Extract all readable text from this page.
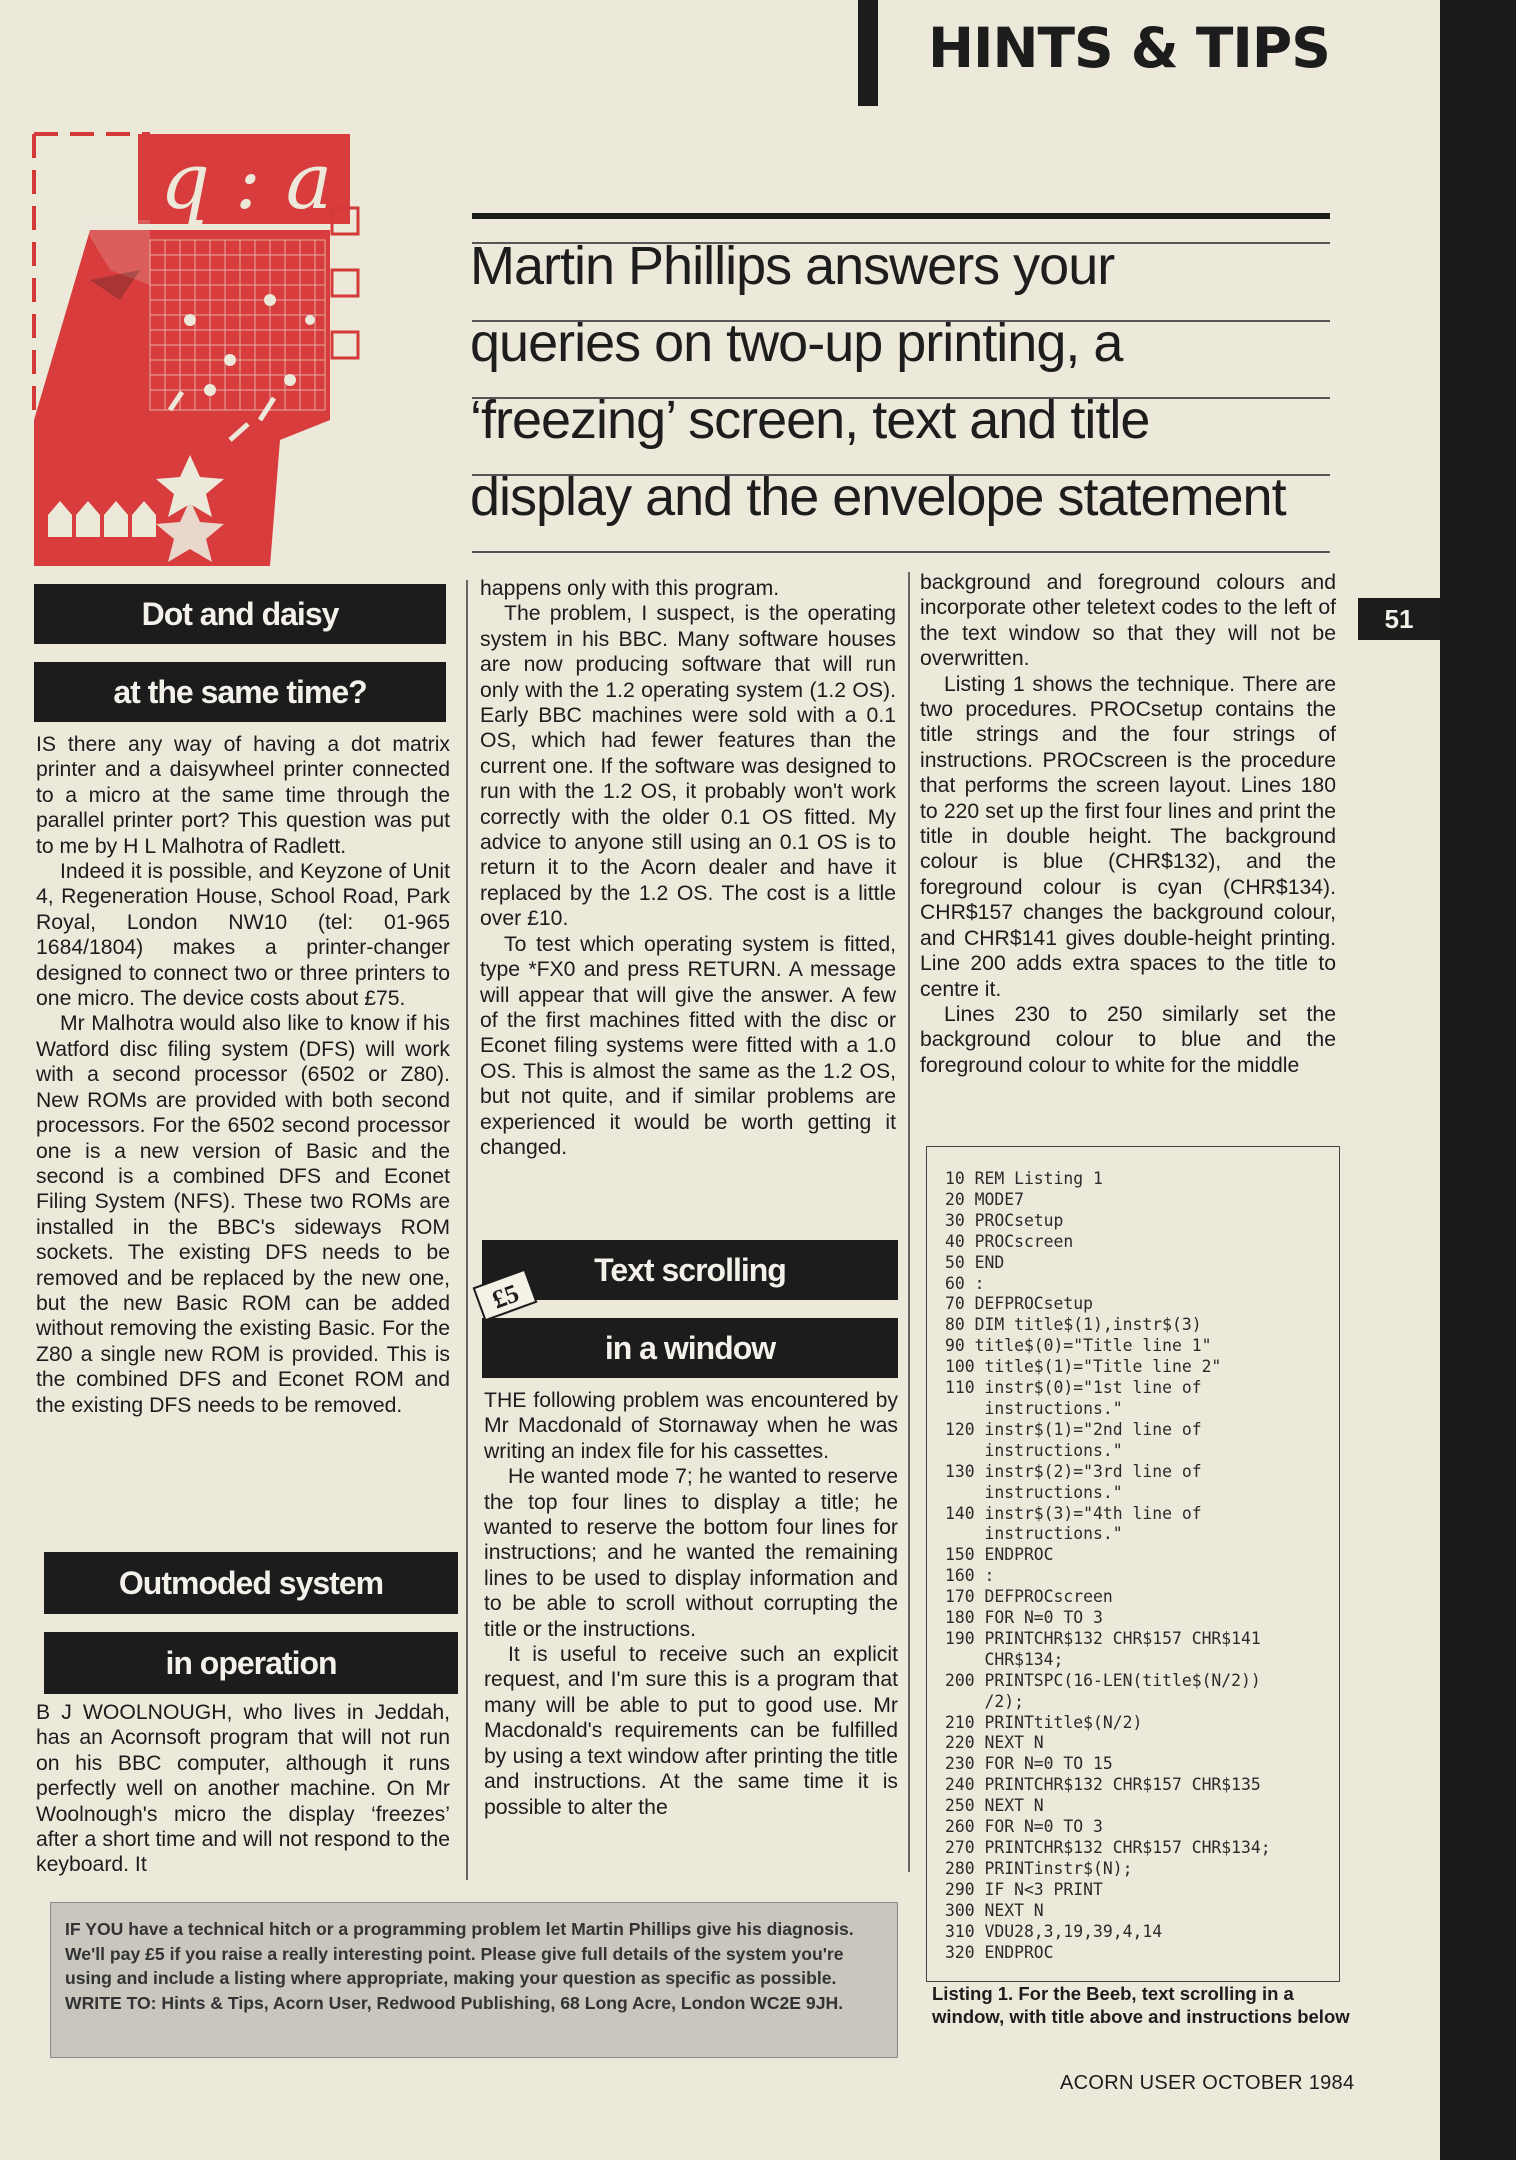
HINTS & TIPS
q : a
Martin Phillips answers your
queries on two-up printing, a
‘freezing’ screen, text and title
display and the envelope statement
Dot and daisy
at the same time?

IS there any way of having a dot matrix printer and a daisywheel printer connected to a micro at the same time through the parallel printer port? This question was put to me by H L Malhotra of Radlett.

Indeed it is possible, and Keyzone of Unit 4, Regeneration House, School Road, Park Royal, London NW10 (tel: 01-965 1684/1804) makes a printer-changer designed to connect two or three printers to one micro. The device costs about £75.

Mr Malhotra would also like to know if his Watford disc filing system (DFS) will work with a second processor (6502 or Z80). New ROMs are provided with both second processors. For the 6502 second processor one is a new version of Basic and the second is a combined DFS and Econet Filing System (NFS). These two ROMs are installed in the BBC's sideways ROM sockets. The existing DFS needs to be removed and be replaced by the new one, but the new Basic ROM can be added without removing the existing Basic. For the Z80 a single new ROM is provided. This is the combined DFS and Econet ROM and the existing DFS needs to be removed.

Outmoded system
in operation

B J WOOLNOUGH, who lives in Jeddah, has an Acornsoft program that will not run on his BBC computer, although it runs perfectly well on another machine. On Mr Woolnough's micro the display ‘freezes’ after a short time and will not respond to the keyboard. It

happens only with this program.

The problem, I suspect, is the operating system in his BBC. Many software houses are now producing software that will run only with the 1.2 operating system (1.2 OS). Early BBC machines were sold with a 0.1 OS, which had fewer features than the current one. If the software was designed to run with the 1.2 OS, it probably won't work correctly with the older 0.1 OS fitted. My advice to anyone still using an 0.1 OS is to return it to the Acorn dealer and have it replaced by the 1.2 OS. The cost is a little over £10.

To test which operating system is fitted, type *FX0 and press RETURN. A message will appear that will give the answer. A few of the first machines fitted with the disc or Econet filing systems were fitted with a 1.0 OS. This is almost the same as the 1.2 OS, but not quite, and if similar problems are experienced it would be worth getting it changed.

Text scrolling
in a window
£5

THE following problem was encountered by Mr Macdonald of Stornaway when he was writing an index file for his cassettes.

He wanted mode 7; he wanted to reserve the top four lines to display a title; he wanted to reserve the bottom four lines for instructions; and he wanted the remaining lines to be used to display information and to be able to scroll without corrupting the title or the instructions.

It is useful to receive such an explicit request, and I'm sure this is a program that many will be able to put to good use. Mr Macdonald's requirements can be fulfilled by using a text window after printing the title and instructions. At the same time it is possible to alter the

background and foreground colours and incorporate other teletext codes to the left of the text window so that they will not be overwritten.

Listing 1 shows the technique. There are two procedures. PROCsetup contains the title strings and the four strings of instructions. PROCscreen is the procedure that performs the screen layout. Lines 180 to 220 set up the first four lines and print the title in double height. The background colour is blue (CHR$132), and the foreground colour is cyan (CHR$134). CHR$157 changes the background colour, and CHR$141 gives double-height printing. Line 200 adds extra spaces to the title to centre it.

Lines 230 to 250 similarly set the background colour to blue and the foreground colour to white for the middle

10 REM Listing 1
20 MODE7
30 PROCsetup
40 PROCscreen
50 END
60 :
70 DEFPROCsetup
80 DIM title$(1),instr$(3)
90 title$(0)="Title line 1"
100 title$(1)="Title line 2"
110 instr$(0)="1st line of
instructions."
120 instr$(1)="2nd line of
instructions."
130 instr$(2)="3rd line of
instructions."
140 instr$(3)="4th line of
instructions."
150 ENDPROC
160 :
170 DEFPROCscreen
180 FOR N=0 TO 3
190 PRINTCHR$132 CHR$157 CHR$141
CHR$134;
200 PRINTSPC(16-LEN(title$(N/2))
/2);
210 PRINTtitle$(N/2)
220 NEXT N
230 FOR N=0 TO 15
240 PRINTCHR$132 CHR$157 CHR$135
250 NEXT N
260 FOR N=0 TO 3
270 PRINTCHR$132 CHR$157 CHR$134;
280 PRINTinstr$(N);
290 IF N<3 PRINT
300 NEXT N
310 VDU28,3,19,39,4,14
320 ENDPROC
Listing 1. For the Beeb, text scrolling in a window, with title above and instructions below
IF YOU have a technical hitch or a programming problem let Martin Phillips give his diagnosis. We'll pay £5 if you raise a really interesting point. Please give full details of the system you're using and include a listing where appropriate, making your question as specific as possible. WRITE TO: Hints & Tips, Acorn User, Redwood Publishing, 68 Long Acre, London WC2E 9JH.
ACORN USER OCTOBER 1984
51
